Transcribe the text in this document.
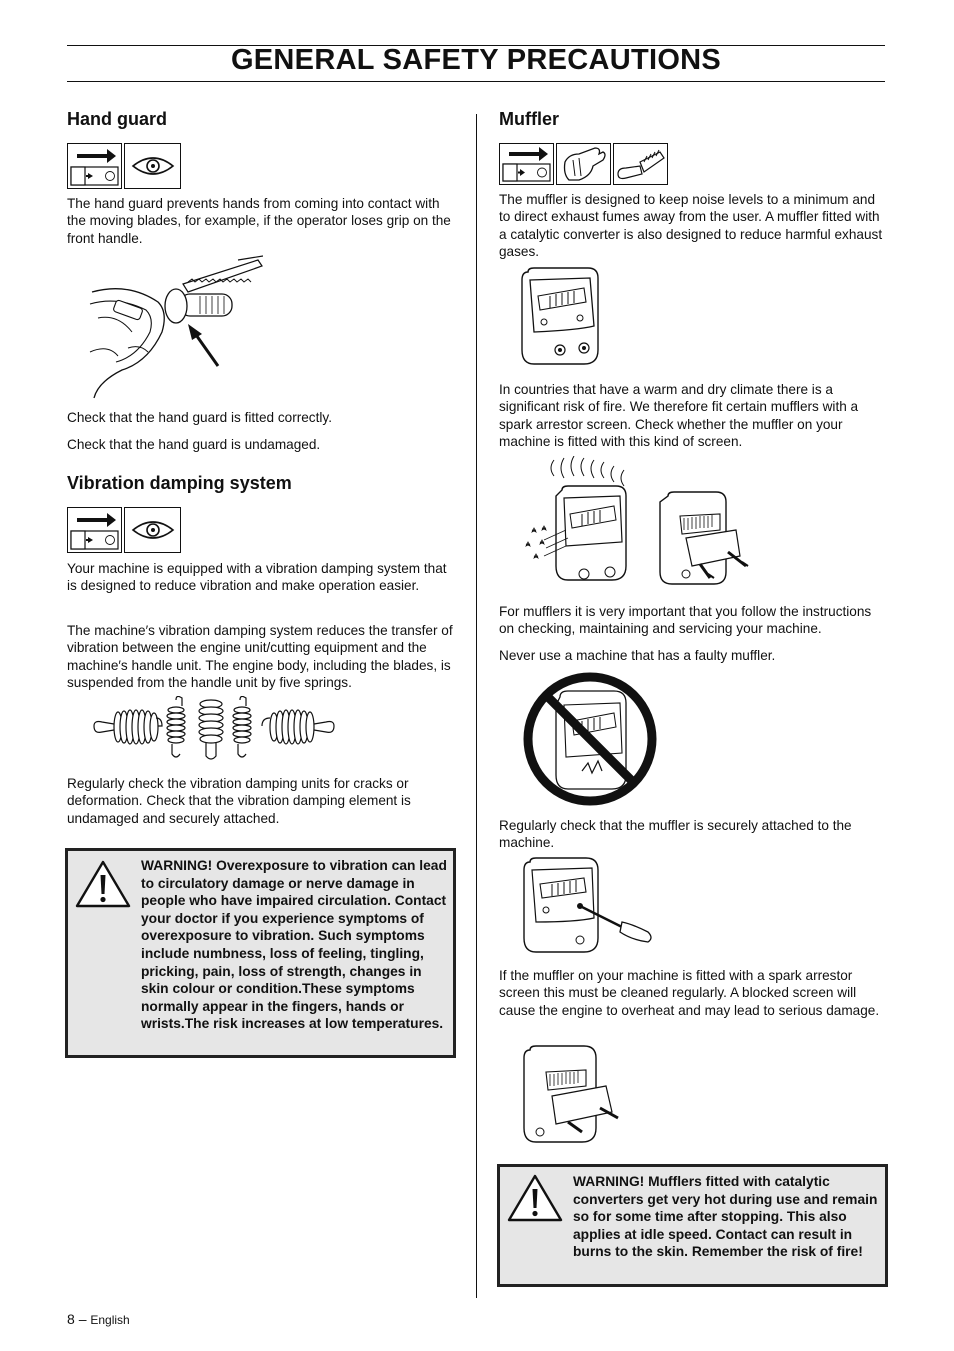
GENERAL SAFETY PRECAUTIONS
Hand guard

The hand guard prevents hands from coming into contact with the moving blades, for example, if the operator loses grip on the front handle.

Check that the hand guard is fitted correctly.

Check that the hand guard is undamaged.

Vibration damping system

Your machine is equipped with a vibration damping system that is designed to reduce vibration and make operation easier.

The machine′s vibration damping system reduces the transfer of vibration between the engine unit/cutting equipment and the machine′s handle unit. The engine body, including the blades, is suspended from the handle unit by five springs.

Regularly check the vibration damping units for cracks or deformation. Check that the vibration damping element is undamaged and securely attached.

WARNING! Overexposure to vibration can lead to circulatory damage or nerve damage in people who have impaired circulation. Contact your doctor if you experience symptoms of overexposure to vibration. Such symptoms include numbness, loss of feeling, tingling, pricking, pain, loss of strength, changes in skin colour or condition.These symptoms normally appear in the fingers, hands or wrists.The risk increases at low temperatures.
Muffler

The muffler is designed to keep noise levels to a minimum and to direct exhaust fumes away from the user. A muffler fitted with a catalytic converter is also designed to reduce harmful exhaust gases.

In countries that have a warm and dry climate there is a significant risk of fire. We therefore fit certain mufflers with a spark arrestor screen. Check whether the muffler on your machine is fitted with this kind of screen.

For mufflers it is very important that you follow the instructions on checking, maintaining and servicing your machine.

Never use a machine that has a faulty muffler.

Regularly check that the muffler is securely attached to the machine.

If the muffler on your machine is fitted with a spark arrestor screen this must be cleaned regularly. A blocked screen will cause the engine to overheat and may lead to serious damage.

WARNING! Mufflers fitted with catalytic converters get very hot during use and remain so for some time after stopping. This also applies at idle speed. Contact can result in burns to the skin. Remember the risk of fire!
8 – English
